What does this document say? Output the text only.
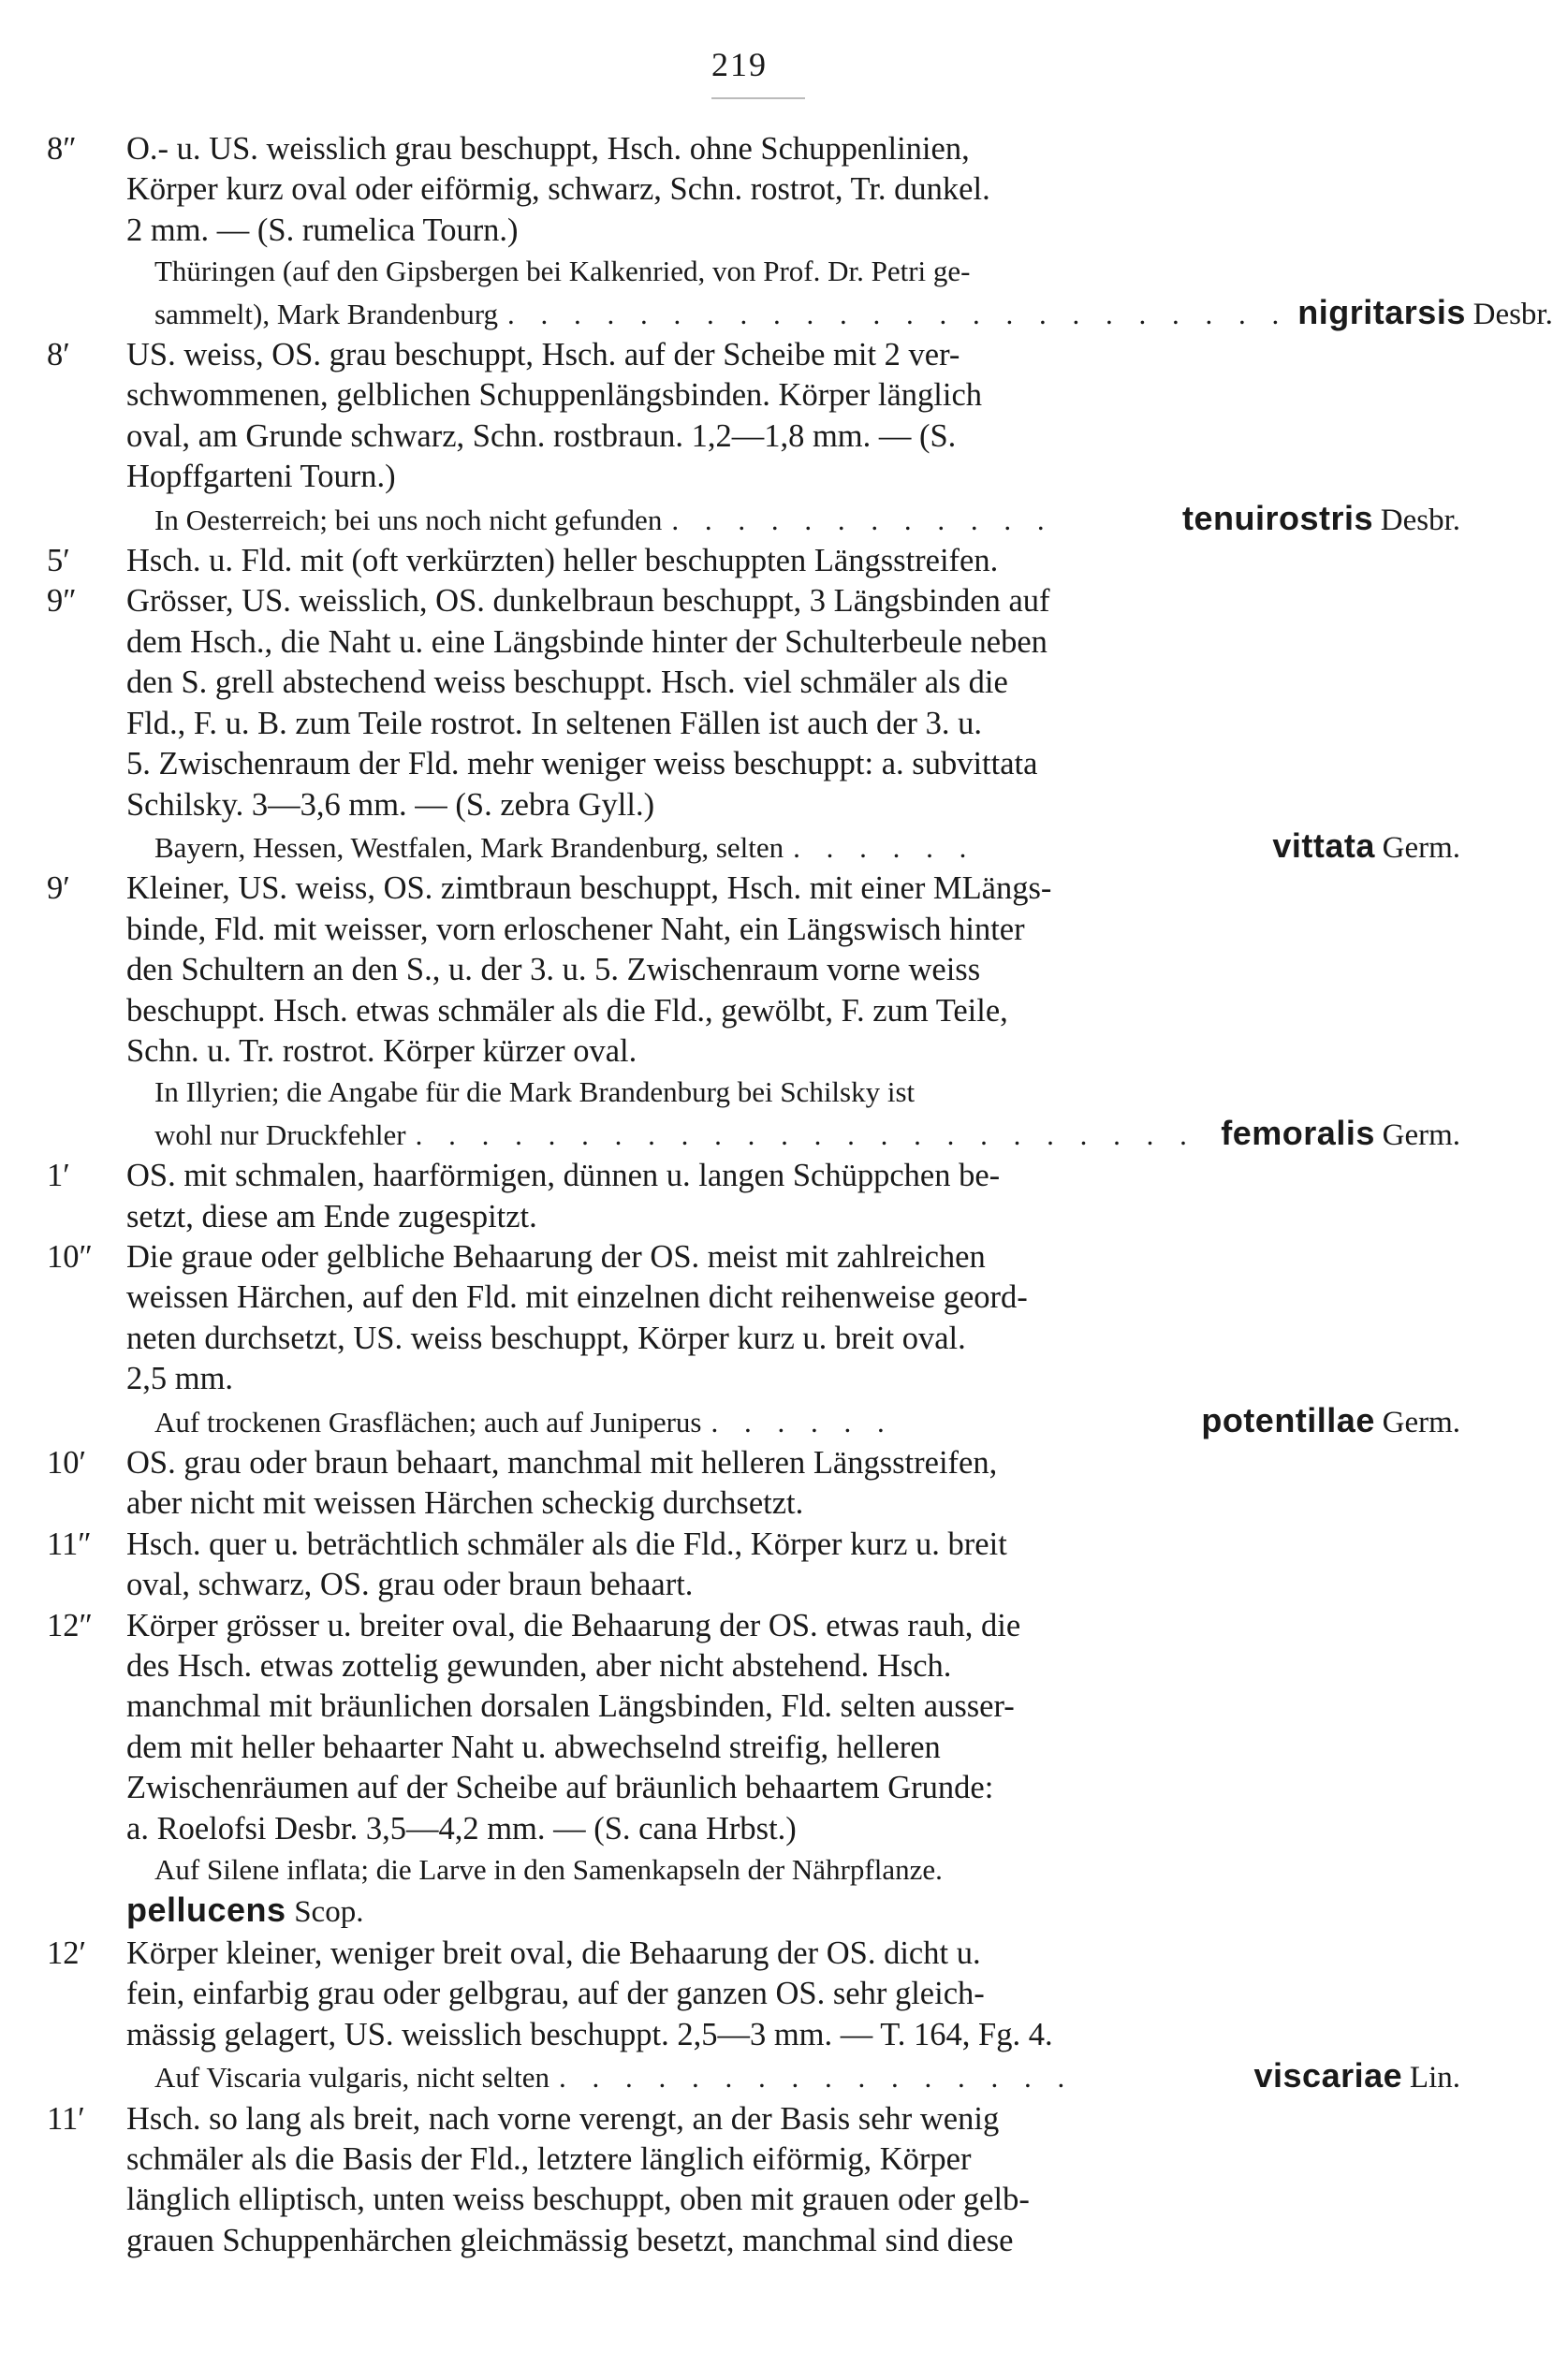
219
8″	O.- u. US. weisslich grau beschuppt, Hsch. ohne Schuppenlinien,
Körper kurz oval oder eiförmig, schwarz, Schn. rostrot, Tr. dunkel.
2 mm. — (S. rumelica Tourn.)
Thüringen (auf den Gipsbergen bei Kalkenried, von Prof. Dr. Petri ge-
sammelt), Mark Brandenburg . . . . . . . . . . . . . . . . . . . . . . . . nigritarsis Desbr.
8′	US. weiss, OS. grau beschuppt, Hsch. auf der Scheibe mit 2 ver-
schwommenen, gelblichen Schuppenlängsbinden. Körper länglich
oval, am Grunde schwarz, Schn. rostbraun. 1,2—1,8 mm. — (S.
Hopffgarteni Tourn.)
In Oesterreich; bei uns noch nicht gefunden . . . . . . . . . . . .	tenuirostris Desbr.
5′	Hsch. u. Fld. mit (oft verkürzten) heller beschuppten Längsstreifen.
9″	Grösser, US. weisslich, OS. dunkelbraun beschuppt, 3 Längsbinden auf
dem Hsch., die Naht u. eine Längsbinde hinter der Schulterbeule neben
den S. grell abstechend weiss beschuppt. Hsch. viel schmäler als die
Fld., F. u. B. zum Teile rostrot. In seltenen Fällen ist auch der 3. u.
5. Zwischenraum der Fld. mehr weniger weiss beschuppt: a. subvittata
Schilsky. 3—3,6 mm. — (S. zebra Gyll.)
Bayern, Hessen, Westfalen, Mark Brandenburg, selten . . . . . .	vittata Germ.
9′	Kleiner, US. weiss, OS. zimtbraun beschuppt, Hsch. mit einer MLängs-
binde, Fld. mit weisser, vorn erloschener Naht, ein Längswisch hinter
den Schultern an den S., u. der 3. u. 5. Zwischenraum vorne weiss
beschuppt. Hsch. etwas schmäler als die Fld., gewölbt, F. zum Teile,
Schn. u. Tr. rostrot. Körper kürzer oval.
In Illyrien; die Angabe für die Mark Brandenburg bei Schilsky ist
wohl nur Druckfehler . . . . . . . . . . . . . . . . . . . . . . . . femoralis Germ.
1′	OS. mit schmalen, haarförmigen, dünnen u. langen Schüppchen be-
setzt, diese am Ende zugespitzt.
10″	Die graue oder gelbliche Behaarung der OS. meist mit zahlreichen
weissen Härchen, auf den Fld. mit einzelnen dicht reihenweise geord-
neten durchsetzt, US. weiss beschuppt, Körper kurz u. breit oval.
2,5 mm.
Auf trockenen Grasflächen; auch auf Juniperus . . . . . .	potentillae Germ.
10′	OS. grau oder braun behaart, manchmal mit helleren Längsstreifen,
aber nicht mit weissen Härchen scheckig durchsetzt.
11″	Hsch. quer u. beträchtlich schmäler als die Fld., Körper kurz u. breit
oval, schwarz, OS. grau oder braun behaart.
12″	Körper grösser u. breiter oval, die Behaarung der OS. etwas rauh, die
des Hsch. etwas zottelig gewunden, aber nicht abstehend. Hsch.
manchmal mit bräunlichen dorsalen Längsbinden, Fld. selten ausser-
dem mit heller behaarter Naht u. abwechselnd streifig, helleren
Zwischenräumen auf der Scheibe auf bräunlich behaartem Grunde:
a. Roelofsi Desbr. 3,5—4,2 mm. — (S. cana Hrbst.)
Auf Silene inflata; die Larve in den Samenkapseln der Nährpflanze.
pellucens Scop.
12′	Körper kleiner, weniger breit oval, die Behaarung der OS. dicht u.
fein, einfarbig grau oder gelbgrau, auf der ganzen OS. sehr gleich-
mässig gelagert, US. weisslich beschuppt. 2,5—3 mm. — T. 164, Fg. 4.
Auf Viscaria vulgaris, nicht selten . . . . . . . . . . . . . . . .	viscariae Lin.
11′	Hsch. so lang als breit, nach vorne verengt, an der Basis sehr wenig
schmäler als die Basis der Fld., letztere länglich eiförmig, Körper
länglich elliptisch, unten weiss beschuppt, oben mit grauen oder gelb-
grauen Schuppenhärchen gleichmässig besetzt, manchmal sind diese
